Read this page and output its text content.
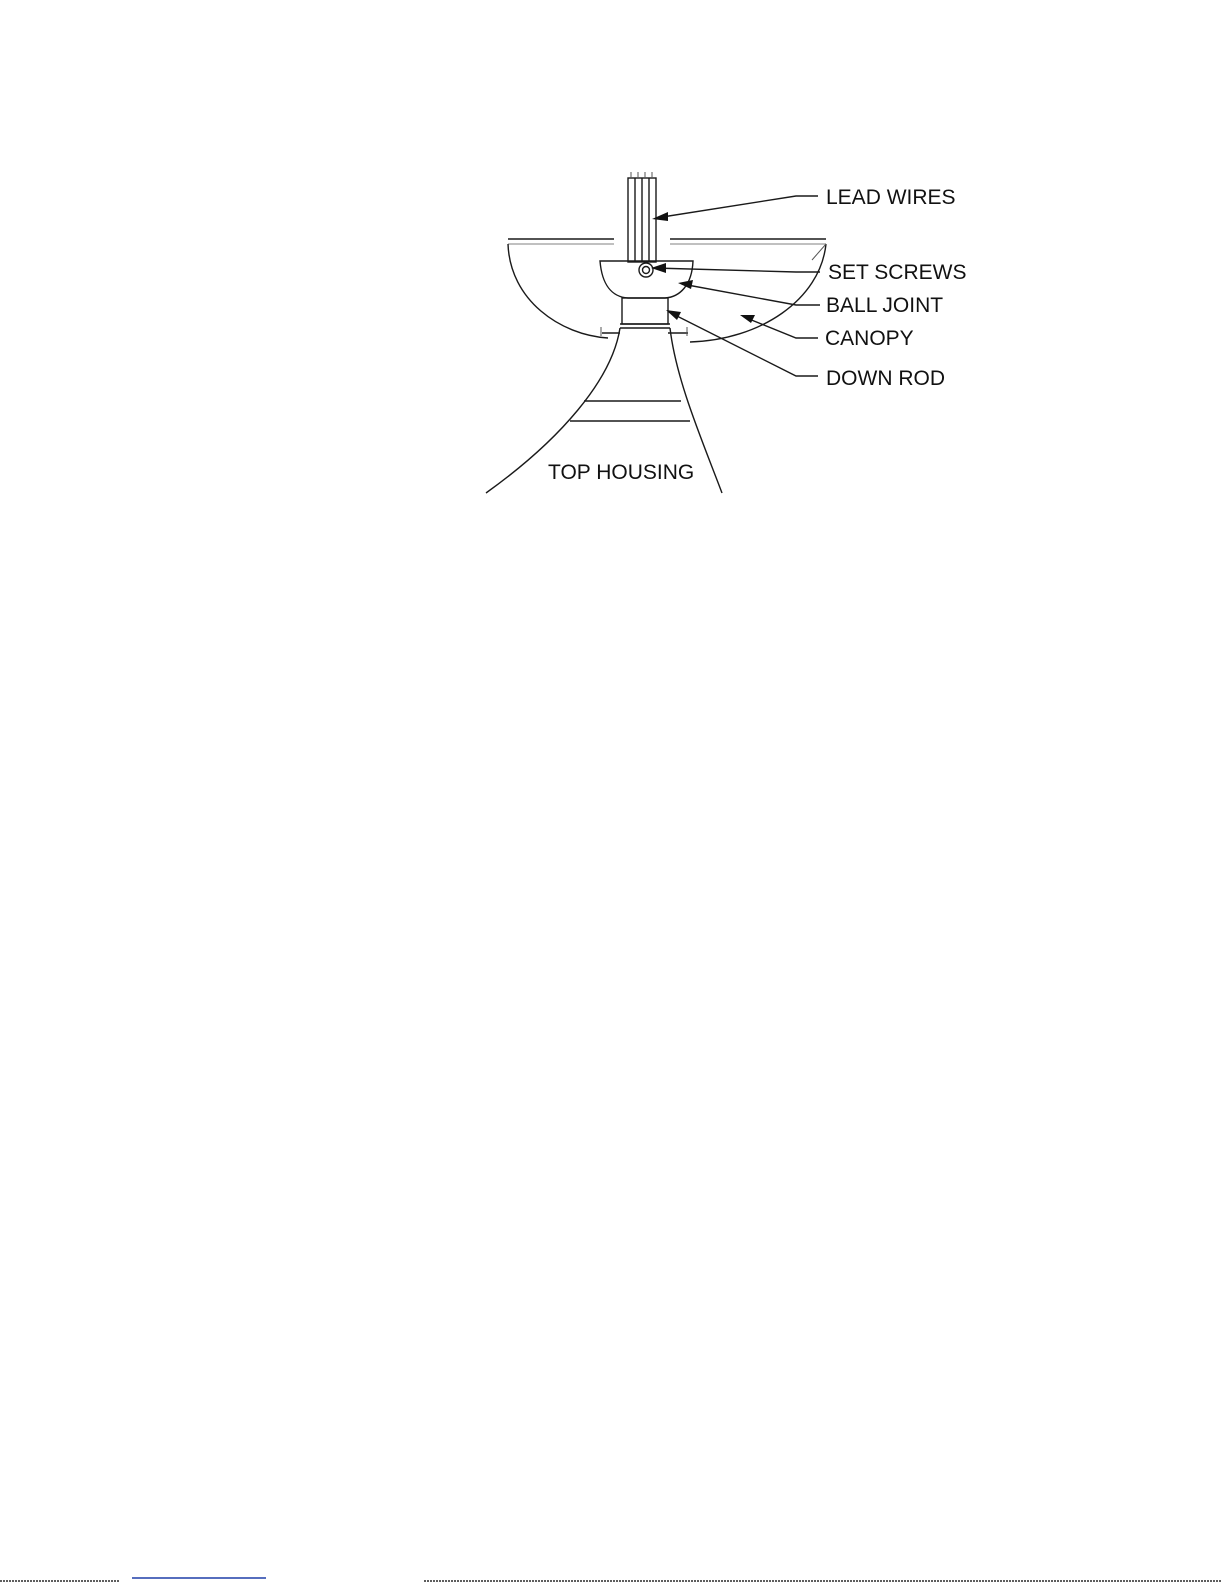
LEAD WIRES
SET SCREWS
BALL JOINT
CANOPY
DOWN ROD
TOP HOUSING
